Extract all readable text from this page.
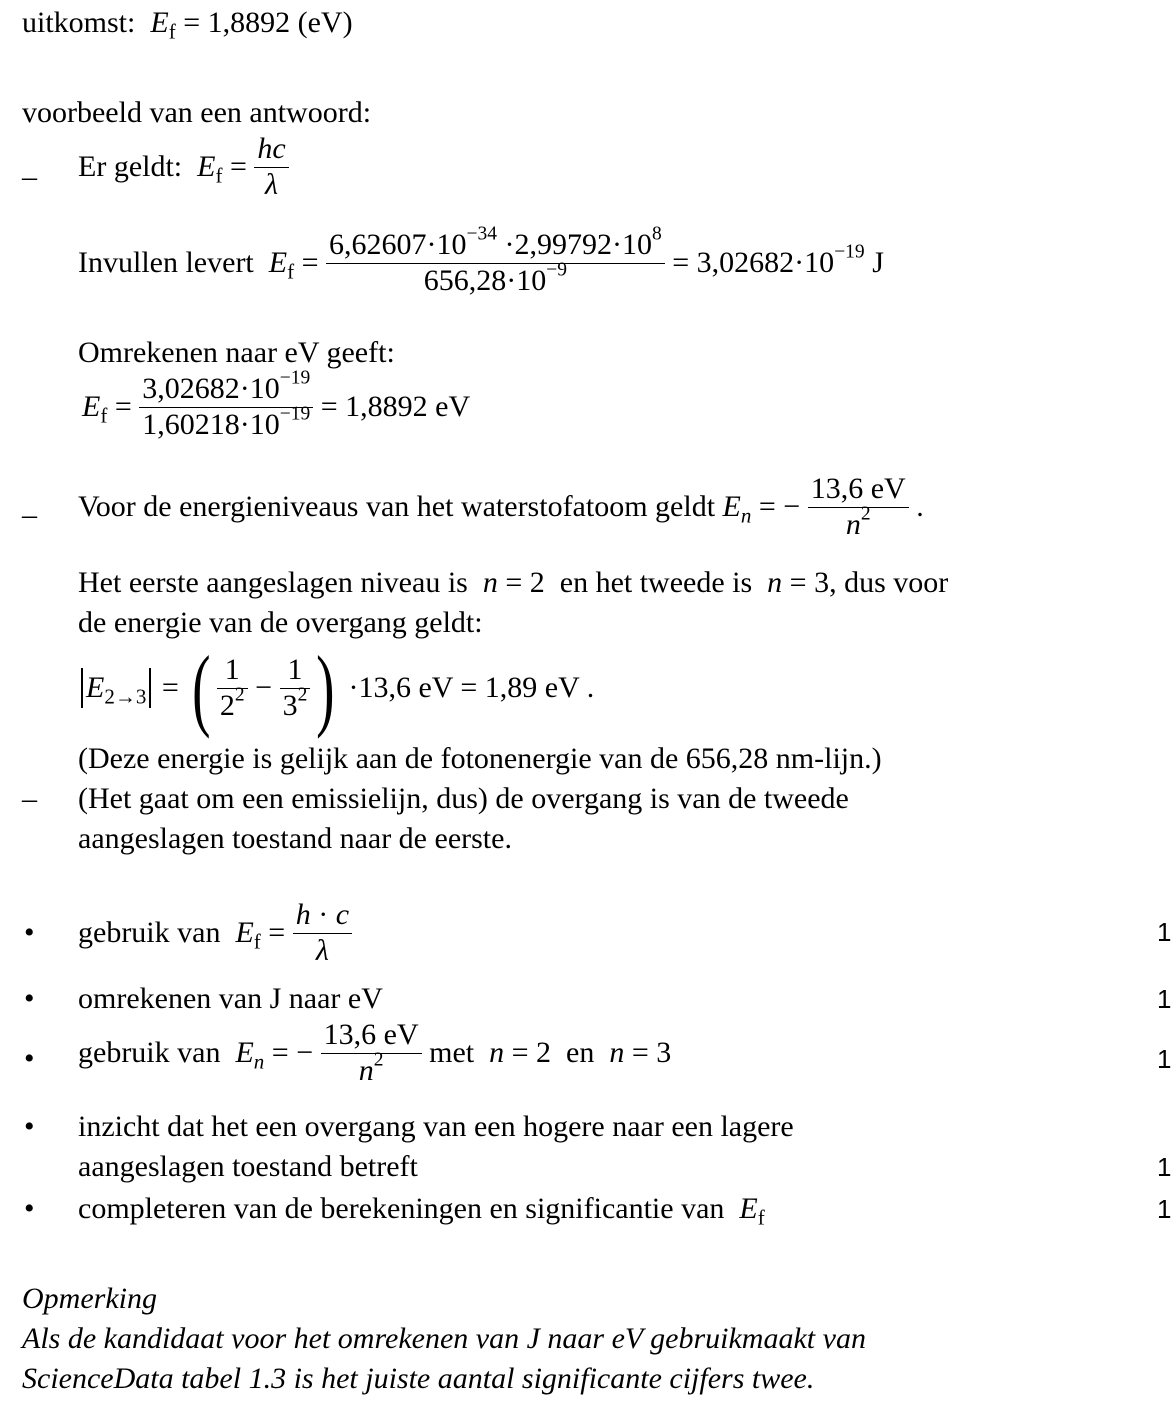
uitkomst: $E_f = 1,8892$ (eV)
voorbeeld van een antwoord:
– Er geldt: $E_f = \frac{hc}{\lambda}$
Invullen levert $E_f = \frac{6,62607\cdot 10^{-34} \cdot 2,99792\cdot 10^8}{656,28\cdot 10^{-9}} = 3,02682\cdot 10^{-19}$ J
Omrekenen naar eV geeft:
$E_f = \frac{3,02682\cdot 10^{-19}}{1,60218\cdot 10^{-19}} = 1,8892$ eV
– Voor de energieniveaus van het waterstofatoom geldt $E_n$ = − $\frac{13,6 eV}{n^2}$ .
Het eerste aangeslagen niveau is n = 2  en het tweede is n = 3, dus voor
de energie van de overgang geldt:
$E_{2\to 3}$ = ( $\frac{1}{2^2} - \frac{1}{3^2}$ ) ·13,6 eV = 1,89 eV .
(Deze energie is gelijk aan de fotonenergie van de 656,28 nm-lijn.)
– (Het gaat om een emissielijn, dus) de overgang is van de tweede
aangeslagen toestand naar de eerste.
• gebruik van $E_f = \frac{h \cdot c}{\lambda}$	1
• omrekenen van J naar eV	1
• gebruik van $E_n$ = − $\frac{13,6 eV}{n^2}$ met n = 2  en n = 3	1
• inzicht dat het een overgang van een hogere naar een lagere
aangeslagen toestand betreft	1
• completeren van de berekeningen en significantie van $E_f$	1
Opmerking
Als de kandidaat voor het omrekenen van J naar eV gebruikmaakt van
ScienceData tabel 1.3 is het juiste aantal significante cijfers twee.
